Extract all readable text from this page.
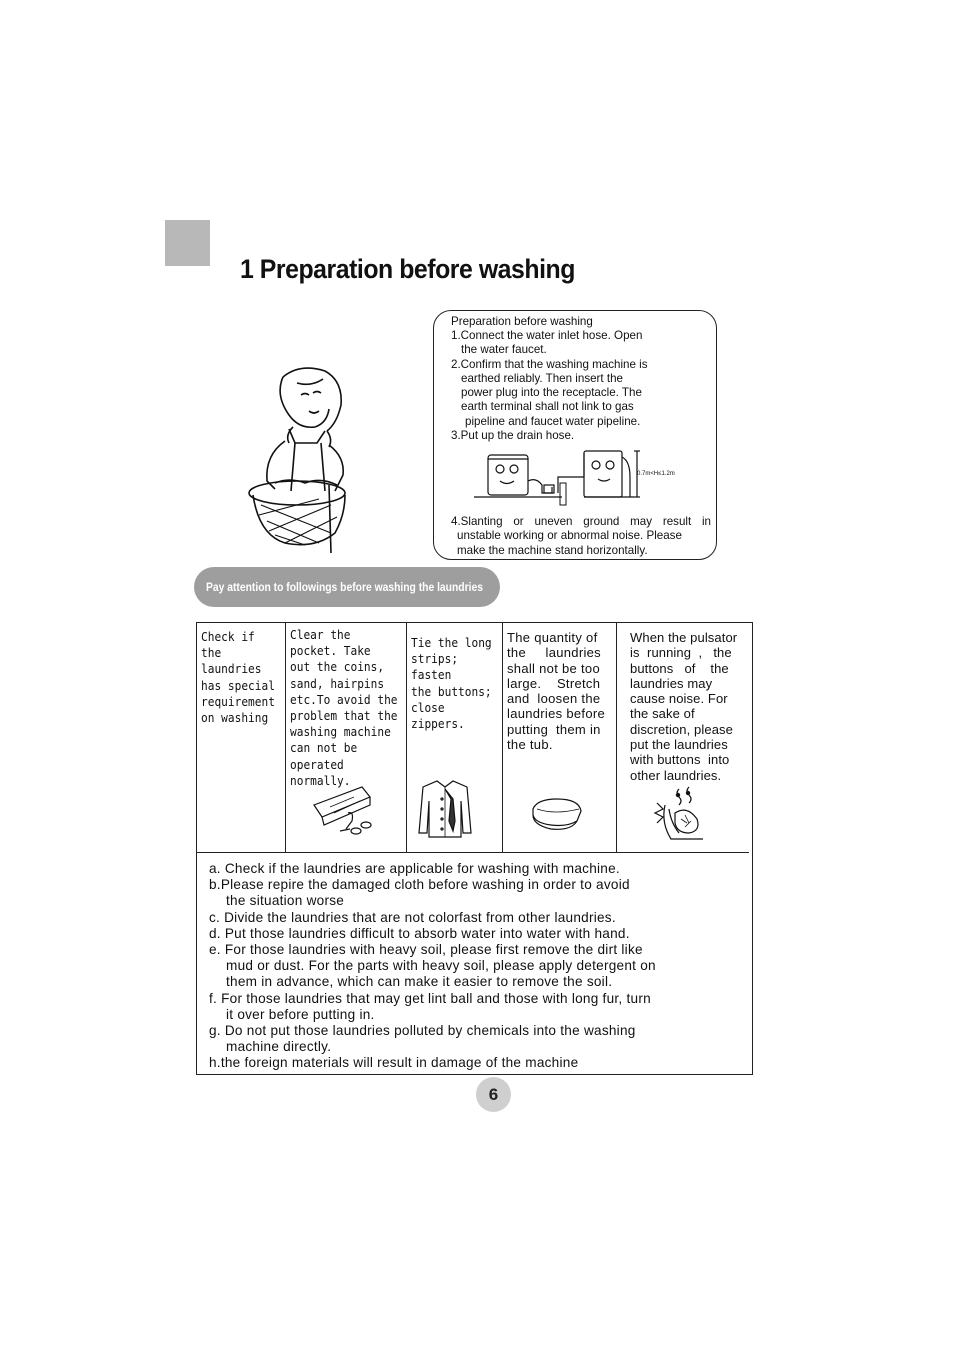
1 Preparation before washing
Preparation before washing
1.Connect the water inlet hose. Open
the water faucet.
2.Confirm that the washing machine is
earthed reliably. Then insert the
power plug into the receptacle. The
earth terminal shall not link to gas
pipeline and faucet water pipeline.
3.Put up the drain hose.
0.7m<H≤1.2m
4.Slanting or uneven ground may result in
unstable working or abnormal noise. Please
make the machine stand horizontally.
Pay attention to followings before washing the laundries
Check if
the laundries
has special
requirement
on washing
Clear the
pocket. Take
out the coins,
sand, hairpins
etc.To avoid the
problem that the
washing machine
can not be
operated normally.
Tie the long
strips; fasten
the buttons;
close zippers.
The quantity of
the     laundries
shall not be too
large.    Stretch
and  loosen the
laundries before
putting  them in
the tub.
When the pulsator
is  running  ,   the
buttons   of    the
laundries may
cause noise. For
the sake of
discretion, please
put the laundries
with buttons  into
other laundries.
a. Check if the laundries are applicable for washing with machine.
b.Please repire the damaged cloth before washing in order to avoid
the situation worse
c. Divide the laundries that are not colorfast from other laundries.
d. Put those laundries difficult to absorb water into water with hand.
e. For those laundries with heavy soil, please first remove the dirt like
mud or dust. For the parts with heavy soil, please apply detergent on
them in advance, which can make it easier to remove the soil.
f. For those laundries that may get lint ball and those with long fur, turn
it over before putting in.
g. Do not put those laundries polluted by chemicals into the washing
machine directly.
h.the foreign materials will result in damage of the machine
6
